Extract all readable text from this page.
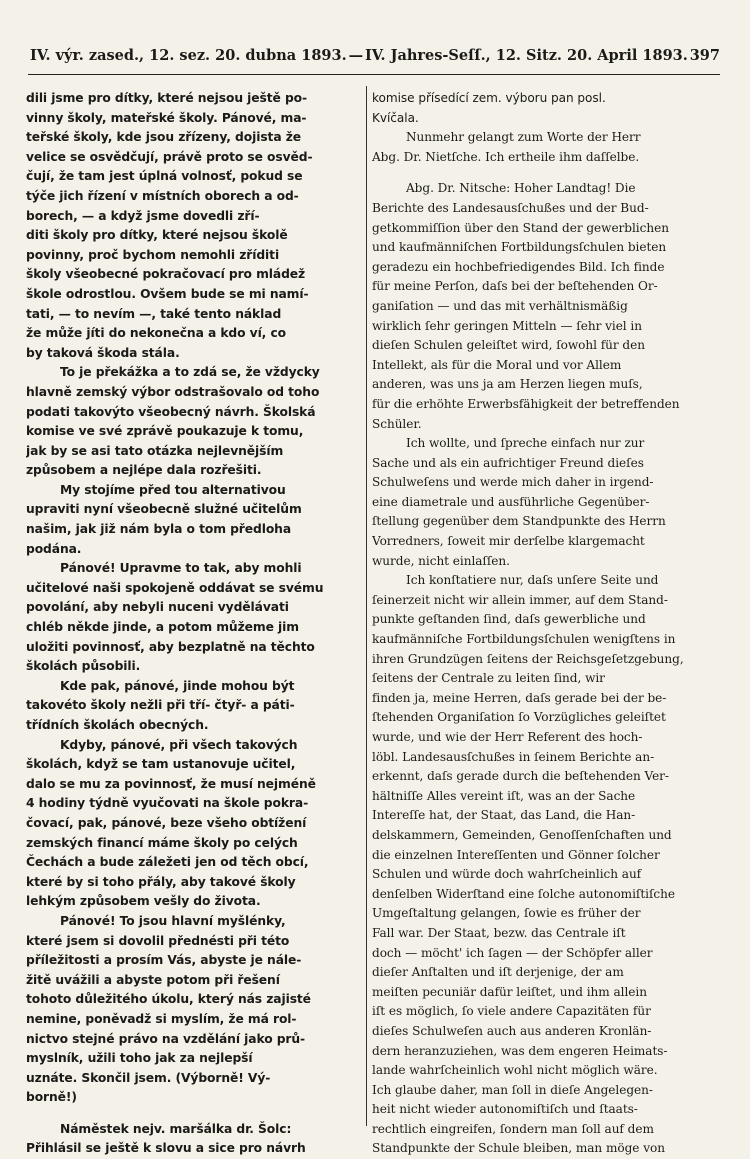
IV. výr. zased., 12. sez. 20. dubna 1893. — IV. Jahres-Seſſ., 12. Sitz. 20. April 1893. 397
dili jsme pro dítky, které nejsou ještě po-
vinny školy, mateřské školy. Pánové, ma-
teřské školy, kde jsou zřízeny, dojista že
velice se osvědčují, právě proto se osvěd-
čují, že tam jest úplná volnosť, pokud se
týče jich řízení v místních oborech a od-
borech, — a když jsme dovedli zří-
diti školy pro dítky, které nejsou školě
povinny, proč bychom nemohli zříditi
školy všeobecné pokračovací pro mládež
škole odrostlou. Ovšem bude se mi namí-
tati, — to nevím —, také tento náklad
že může jíti do nekonečna a kdo ví, co
by taková škoda stála.
To je překážka a to zdá se, že vždycky
hlavně zemský výbor odstrašovalo od toho
podati takovýto všeobecný návrh. Školská
komise ve své zprávě poukazuje k tomu,
jak by se asi tato otázka nejlevnějším
způsobem a nejlépe dala rozřešiti.
My stojíme před tou alternativou
upraviti nyní všeobecně služné učitelům
našim, jak již nám byla o tom předloha
podána.
Pánové! Upravme to tak, aby mohli
učitelové naši spokojeně oddávat se svému
povolání, aby nebyli nuceni vydělávati
chléb někde jinde, a potom můžeme jim
uložiti povinnosť, aby bezplatně na těchto
školách působili.
Kde pak, pánové, jinde mohou být
takovéto školy nežli při tří- čtyř- a páti-
třídních školách obecných.
Kdyby, pánové, při všech takových
školách, když se tam ustanovuje učitel,
dalo se mu za povinnosť, že musí nejméně
4 hodiny týdně vyučovati na škole pokra-
čovací, pak, pánové, beze všeho obtížení
zemských financí máme školy po celých
Čechách a bude záležeti jen od těch obcí,
které by si toho přály, aby takové školy
lehkým způsobem vešly do života.
Pánové! To jsou hlavní myšlénky,
které jsem si dovolil přednésti při této
příležitosti a prosím Vás, abyste je nále-
žitě uvážili a abyste potom při řešení
tohoto důležitého úkolu, který nás zajisté
nemine, poněvadž si myslím, že má rol-
nictvo stejné právo na vzdělání jako prů-
myslník, užili toho jak za nejlepší
uznáte. Skončil jsem. (Výborně! Vý-
borně!)
Náměstek nejv. maršálka dr. Šolc:
Přihlásil se ještě k slovu a sice pro návrh
komise přísedící zem. výboru pan posl.
Kvíčala.
Nunmehr gelangt zum Worte der Herr
Abg. Dr. Nietſche. Ich ertheile ihm daſſelbe.
Abg. Dr. Nitsche: Hoher Landtag! Die
Berichte des Landesausſchußes und der Bud-
getkommiſſion über den Stand der gewerblichen
und kaufmänniſchen Fortbildungsſchulen bieten
geradezu ein hochbefriedigendes Bild. Ich finde
für meine Perſon, daſs bei der beſtehenden Or-
ganiſation — und das mit verhältnismäßig
wirklich ſehr geringen Mitteln — ſehr viel in
dieſen Schulen geleiſtet wird, ſowohl für den
Intellekt, als für die Moral und vor Allem
anderen, was uns ja am Herzen liegen muſs,
für die erhöhte Erwerbsfähigkeit der betreffenden
Schüler.
Ich wollte, und ſpreche einfach nur zur
Sache und als ein aufrichtiger Freund dieſes
Schulweſens und werde mich daher in irgend-
eine diametrale und ausführliche Gegenüber-
ſtellung gegenüber dem Standpunkte des Herrn
Vorredners, ſoweit mir derſelbe klargemacht
wurde, nicht einlaſſen.
Ich konſtatiere nur, daſs unſere Seite und
ſeinerzeit nicht wir allein immer, auf dem Stand-
punkte geſtanden ſind, daſs gewerbliche und
kaufmänniſche Fortbildungsſchulen wenigſtens in
ihren Grundzügen ſeitens der Reichsgeſetzgebung,
ſeitens der Centrale zu leiten ſind, wir
finden ja, meine Herren, daſs gerade bei der be-
ſtehenden Organiſation ſo Vorzügliches geleiſtet
wurde, und wie der Herr Referent des hoch-
löbl. Landesausſchußes in ſeinem Berichte an-
erkennt, daſs gerade durch die beſtehenden Ver-
hältniſſe Alles vereint iſt, was an der Sache
Intereſſe hat, der Staat, das Land, die Han-
delskammern, Gemeinden, Genoſſenſchaften und
die einzelnen Intereſſenten und Gönner ſolcher
Schulen und würde doch wahrſcheinlich auf
denſelben Widerſtand eine ſolche autonomiſtiſche
Umgeſtaltung gelangen, ſowie es früher der
Fall war. Der Staat, bezw. das Centrale iſt
doch — möcht' ich ſagen — der Schöpfer aller
dieſer Anſtalten und iſt derjenige, der am
meiſten pecuniär dafür leiſtet, und ihm allein
iſt es möglich, ſo viele andere Capazitäten für
dieſes Schulweſen auch aus anderen Kronlän-
dern heranzuziehen, was dem engeren Heimats-
lande wahrſcheinlich wohl nicht möglich wäre.
Ich glaube daher, man ſoll in dieſe Angelegen-
heit nicht wieder autonomiſtiſch und ſtaats-
rechtlich eingreifen, ſondern man ſoll auf dem
Standpunkte der Schule bleiben, man möge von
